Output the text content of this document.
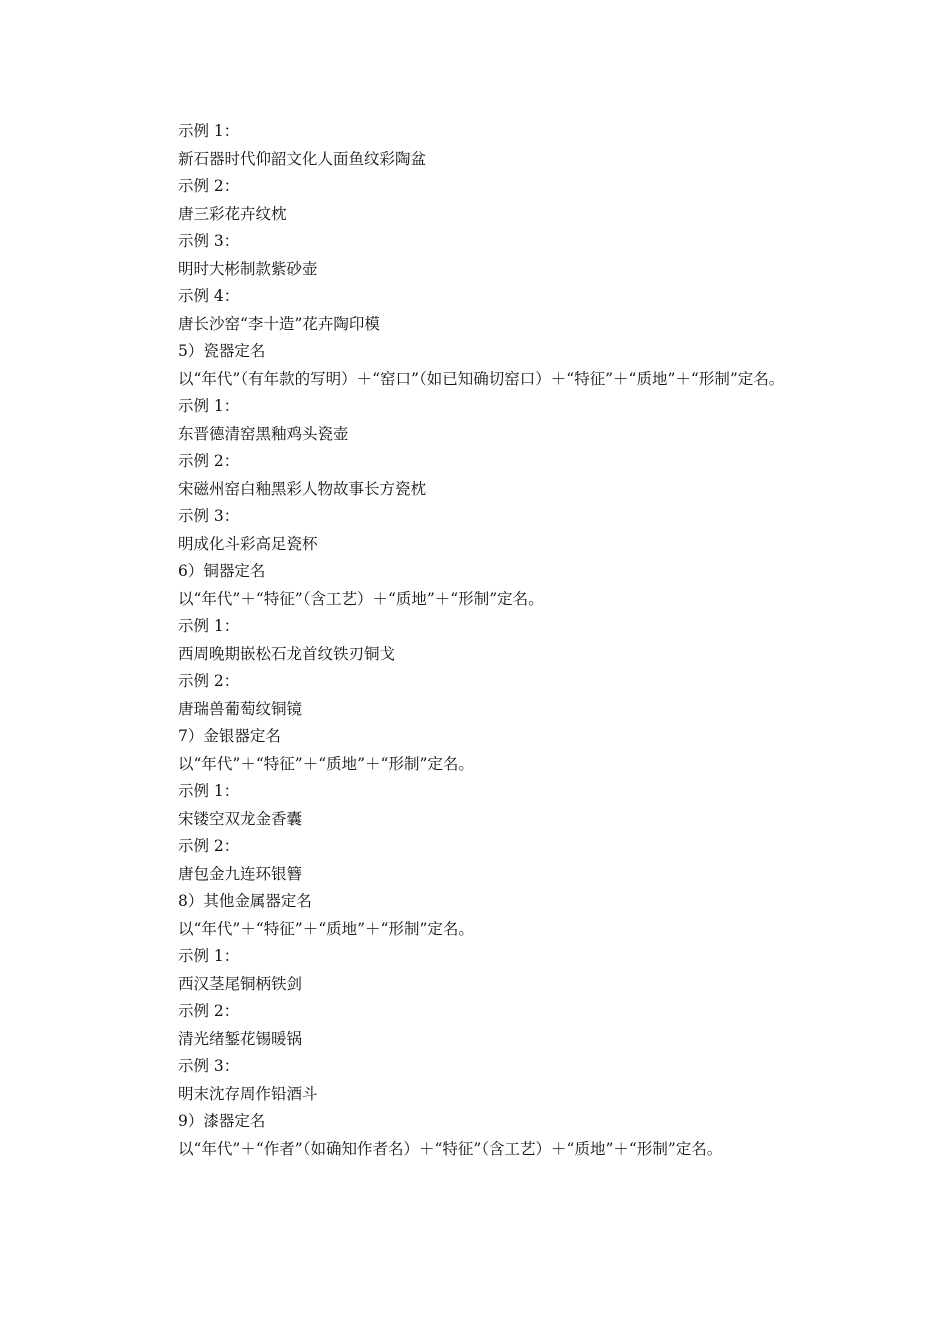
示例 1：

新石器时代仰韶文化人面鱼纹彩陶盆

示例 2：

唐三彩花卉纹枕

示例 3：

明时大彬制款紫砂壶

示例 4：

唐长沙窑“李十造”花卉陶印模

5）瓷器定名

以“年代”（有年款的写明）＋“窑口”（如已知确切窑口）＋“特征”＋“质地”＋“形制”定名。

示例 1：

东晋德清窑黑釉鸡头瓷壶

示例 2：

宋磁州窑白釉黑彩人物故事长方瓷枕

示例 3：

明成化斗彩高足瓷杯

6）铜器定名

以“年代”＋“特征”（含工艺）＋“质地”＋“形制”定名。

示例 1：

西周晚期嵌松石龙首纹铁刃铜戈

示例 2：

唐瑞兽葡萄纹铜镜

7）金银器定名

以“年代”＋“特征”＋“质地”＋“形制”定名。

示例 1：

宋镂空双龙金香囊

示例 2：

唐包金九连环银簪

8）其他金属器定名

以“年代”＋“特征”＋“质地”＋“形制”定名。

示例 1：

西汉茎尾铜柄铁剑

示例 2：

清光绪錾花锡暖锅

示例 3：

明末沈存周作铅酒斗

9）漆器定名

以“年代”＋“作者”（如确知作者名）＋“特征”（含工艺）＋“质地”＋“形制”定名。
